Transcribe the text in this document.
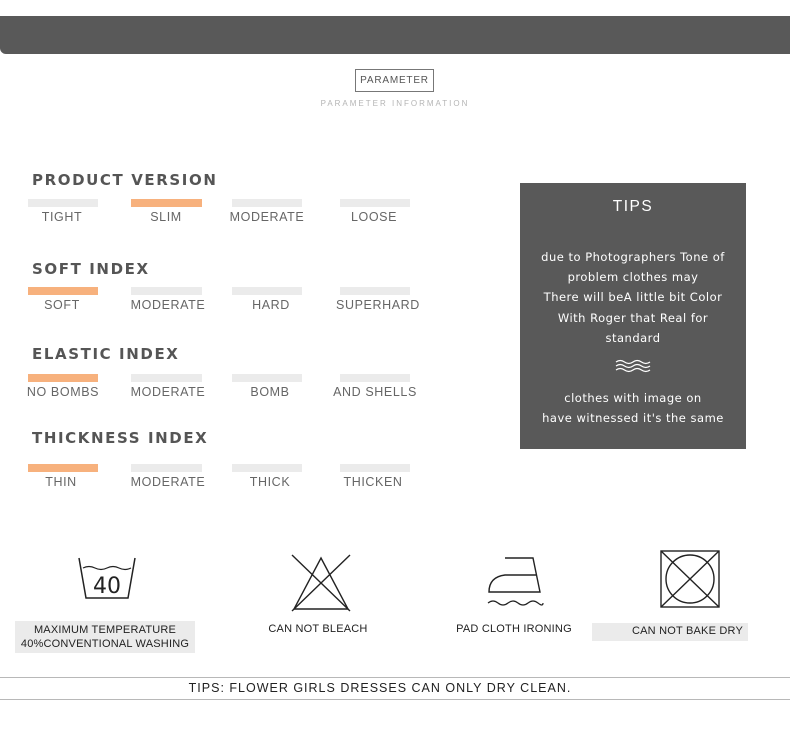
PARAMETER
PARAMETER INFORMATION
PRODUCT VERSION
TIGHT	SLIM	MODERATE	LOOSE
SOFT INDEX
SOFT	MODERATE	HARD	SUPERHARD
ELASTIC INDEX
NO BOMBS	MODERATE	BOMB	AND SHELLS
THICKNESS INDEX
THIN	MODERATE	THICK	THICKEN
TIPS
due to Photographers Tone of
problem clothes may
There will beA little bit Color
With Roger that Real for
standard
clothes with image on
have witnessed it's the same
40
MAXIMUM TEMPERATURE
40%CONVENTIONAL WASHING
CAN NOT BLEACH	PAD CLOTH IRONING	CAN NOT BAKE DRY
TIPS: FLOWER GIRLS DRESSES CAN ONLY DRY CLEAN.
